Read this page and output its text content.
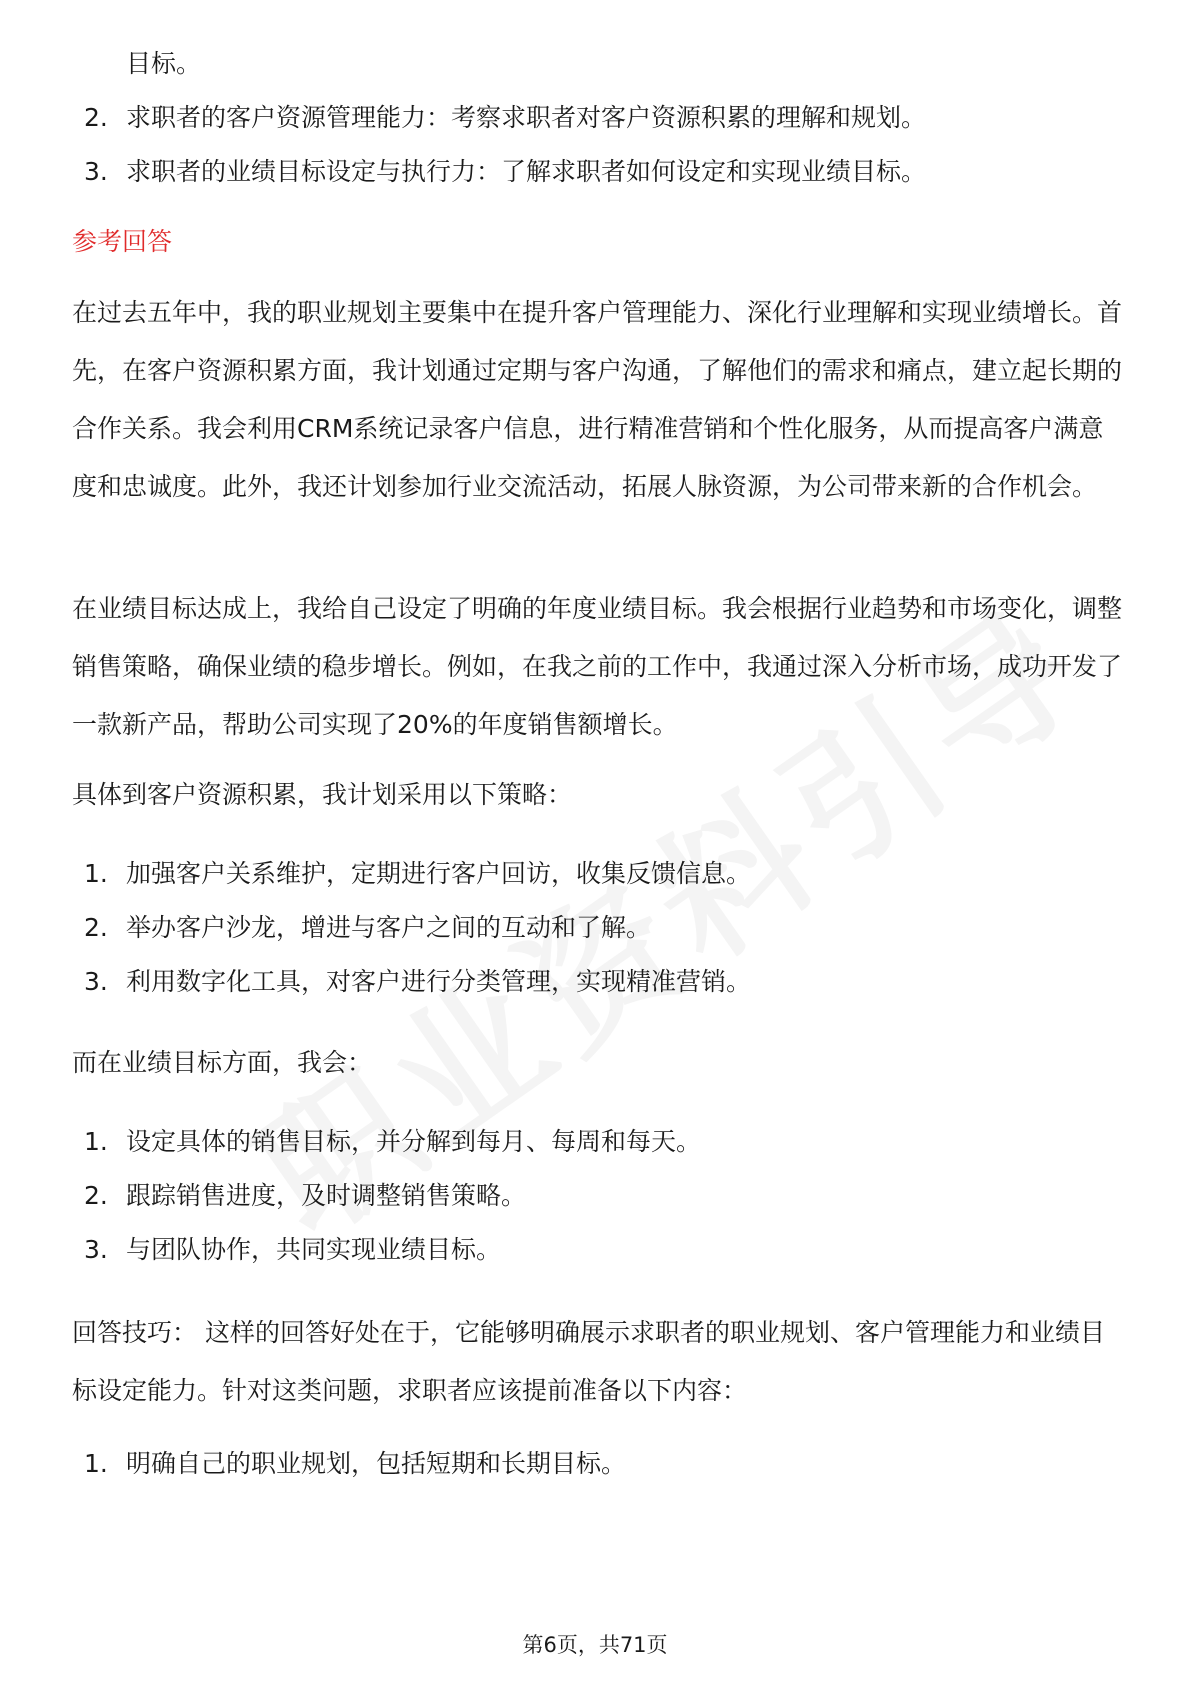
目标。
2. 求职者的客户资源管理能力：考察求职者对客户资源积累的理解和规划。
3. 求职者的业绩目标设定与执行力：了解求职者如何设定和实现业绩目标。
参考回答
在过去五年中，我的职业规划主要集中在提升客户管理能力、深化行业理解和实现业绩增长。首先，在客户资源积累方面，我计划通过定期与客户沟通，了解他们的需求和痛点，建立起长期的合作关系。我会利用CRM系统记录客户信息，进行精准营销和个性化服务，从而提高客户满意度和忠诚度。此外，我还计划参加行业交流活动，拓展人脉资源，为公司带来新的合作机会。
在业绩目标达成上，我给自己设定了明确的年度业绩目标。我会根据行业趋势和市场变化，调整销售策略，确保业绩的稳步增长。例如，在我之前的工作中，我通过深入分析市场，成功开发了一款新产品，帮助公司实现了20%的年度销售额增长。
具体到客户资源积累，我计划采用以下策略：
1. 加强客户关系维护，定期进行客户回访，收集反馈信息。
2. 举办客户沙龙，增进与客户之间的互动和了解。
3. 利用数字化工具，对客户进行分类管理，实现精准营销。
而在业绩目标方面，我会：
1. 设定具体的销售目标，并分解到每月、每周和每天。
2. 跟踪销售进度，及时调整销售策略。
3. 与团队协作，共同实现业绩目标。
回答技巧： 这样的回答好处在于，它能够明确展示求职者的职业规划、客户管理能力和业绩目标设定能力。针对这类问题，求职者应该提前准备以下内容：
1. 明确自己的职业规划，包括短期和长期目标。
第6页，共71页
